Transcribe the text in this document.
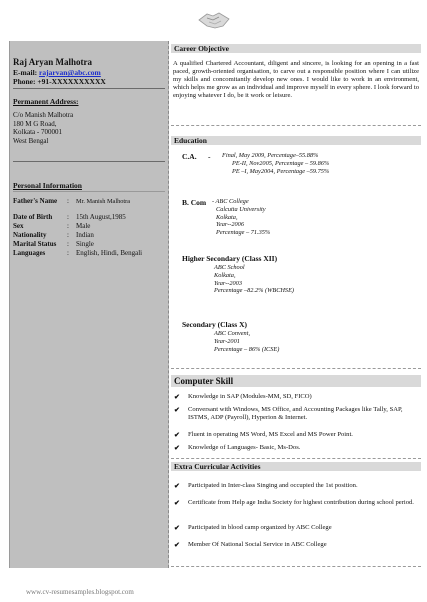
Raj Aryan Malhotra
E-mail: rajarvan@abc.com
Phone: +91-XXXXXXXXXX
Permanent Address:
C/o Manish Malhotra
180 M G Road,
Kolkata - 700001
West Bengal
Personal Information
Father's Name : Mr. Manish Malhotra
Date of Birth : 15th August,1985
Sex	: Male
Nationality	: Indian
Marital Status : Single
Languages	: English, Hindi, Bengali
Career Objective
A qualified Chartered Accountant, diligent and sincere, is looking for an opening in a fast paced, growth-oriented organisation, to carve out a responsible position where I can utilize my skills and concomitantly develop new ones. I would like to work in an environment, which helps me grow as an individual and improve myself in every sphere. I look forward to enjoying whatever I do, be it work or leisure.
Education
C.A. - Final, May 2009, Percentage–55.88%
PE-II, Nov2005, Percentage – 59.86%
PE –I, May2004, Percentage –59.75%
B. Com - ABC College
Calcutta University
Kolkata,
Year--2006
Percentage – 71.35%
Higher Secondary (Class XII)
ABC School
Kolkata,
Year--2003
Percentage –82.2% (WBCHSE)
Secondary (Class X)
ABC Convent,
Year-2001
Percentage – 86% (ICSE)
Computer Skill
✔ Knowledge in SAP (Modules-MM, SD, FICO)
✔ Conversant with Windows, MS Office, and Accounting Packages like Tally, SAP, ISTMS, ADP (Payroll), Hyperion & Internet.
✔ Fluent in operating MS Word, MS Excel and MS Power Point.
✔ Knowledge of Languages- Basic, Ms-Dos.
Extra Curricular Activities
✔ Participated in Inter-class Singing and occupied the 1st position.
✔ Certificate from Help age India Society for highest contribution during school period.
✔ Participated in blood camp organized by ABC College
✔ Member Of National Social Service in ABC College
www.cv-resumesamples.blogspot.com
